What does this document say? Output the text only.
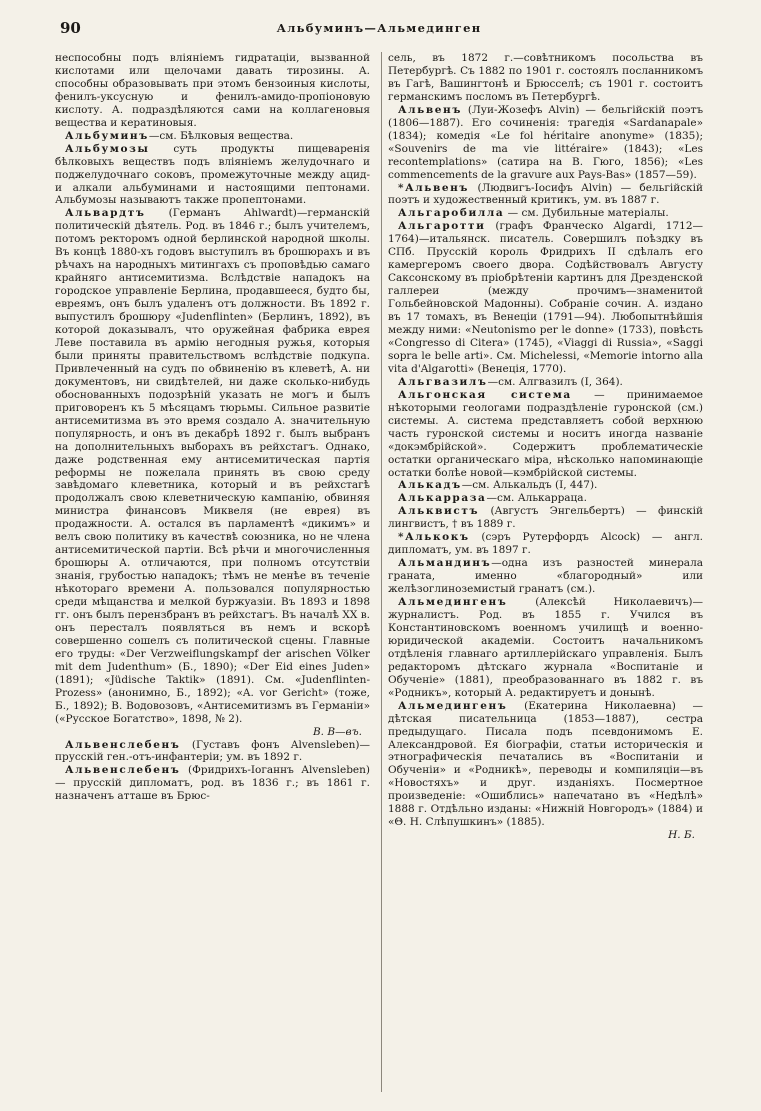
90	Альбуминъ—Альмединген

неспособны подъ вліяніемъ гидратаціи, вызванной кислотами или щелочами давать тирозины. А. способны образовывать при этомъ бензоиныя кислоты, фенилъ-уксусную и фенилъ-амидо-пропіоновую кислоту. А. подраздѣляются сами на коллагеновыя вещества и кератиновыя.

Альбуминъ—см. Бѣлковыя вещества.

Альбумозы суть продукты пищеваренія бѣлковыхъ веществъ подъ вліяніемъ желудочнаго и поджелудочнаго соковъ, промежуточные между ацид- и алкали альбуминами и настоящими пептонами. Альбумозы называютъ также пропептонами.

Альвардтъ (Германъ Ahlwardt)—германскій политическій дѣятель. Род. въ 1846 г.; былъ учителемъ, потомъ ректоромъ одной берлинской народной школы. Въ концѣ 1880-хъ годовъ выступилъ въ брошюрахъ и въ рѣчахъ на народныхъ митингахъ съ проповѣдью самаго крайняго антисемитизма. Вслѣдствіе нападокъ на городское управленіе Берлина, продавшееся, будто бы, евреямъ, онъ былъ удаленъ отъ должности. Въ 1892 г. выпустилъ брошюру «Judenflinten» (Берлинъ, 1892), въ которой доказывалъ, что оружейная фабрика еврея Леве поставила въ армію негодныя ружья, которыя были приняты правительствомъ вслѣдствіе подкупа. Привлеченный на судъ по обвиненію въ клеветѣ, А. ни документовъ, ни свидѣтелей, ни даже сколько-нибудь обоснованныхъ подозрѣній указать не могъ и былъ приговоренъ къ 5 мѣсяцамъ тюрьмы. Сильное развитіе антисемитизма въ это время создало А. значительную популярность, и онъ въ декабрѣ 1892 г. былъ выбранъ на дополнительныхъ выборахъ въ рейхстагъ. Однако, даже родственная ему антисемитическая партія реформы не пожелала принять въ свою среду завѣдомаго клеветника, который и въ рейхстагѣ продолжалъ свою клеветническую кампанію, обвиняя министра финансовъ Миквеля (не еврея) въ продажности. А. остался въ парламентѣ «дикимъ» и велъ свою политику въ качествѣ союзника, но не члена антисемитической партіи. Всѣ рѣчи и многочисленныя брошюры А. отличаются, при полномъ отсутствіи знанія, грубостью нападокъ; тѣмъ не менѣе въ теченіе нѣкотораго времени А. пользовался популярностью среди мѣщанства и мелкой буржуазіи. Въ 1893 и 1898 гг. онъ былъ перензбранъ въ рейхстагъ. Въ началѣ XX в. онъ пересталъ появляться въ немъ и вскорѣ совершенно сошелъ съ политической сцены. Главные его труды: «Der Verzweiflungskampf der arischen Völker mit dem Judenthum» (Б., 1890); «Der Eid eines Juden» (1891); «Jüdische Taktik» (1891). См. «Judenflinten-Prozess» (анонимно, Б., 1892); «A. vor Gericht» (тоже, Б., 1892); В. Водовозовъ, «Антисемитизмъ въ Германіи» («Русское Богатство», 1898, № 2).

В. В—въ.

Альвенслебенъ (Густавъ фонъ Alvensleben)—прусскій ген.-отъ-инфантеріи; ум. въ 1892 г.

Альвенслебенъ (Фридрихъ-Іоганнъ Alvensleben) — прусскій дипломатъ, род. въ 1836 г.; въ 1861 г. назначенъ атташе въ Брюс-

сель, въ 1872 г.—совѣтникомъ посольства въ Петербургѣ. Съ 1882 по 1901 г. состоялъ посланникомъ въ Гагѣ, Вашингтонѣ и Брюсселѣ; съ 1901 г. состоитъ германскимъ посломъ въ Петербургѣ.

Альвенъ (Луи-Жозефъ Alvin) — бельгійскій поэтъ (1806—1887). Его сочиненія: трагедія «Sardanapale» (1834); комедія «Le fol héritaire anonyme» (1835); «Souvenirs de ma vie littéraire» (1843); «Les recontemplations» (сатира на В. Гюго, 1856); «Les commencements de la gravure aux Pays-Bas» (1857—59).

*Альвенъ (Людвигъ-Іосифъ Alvin) — бельгійскій поэтъ и художественный критикъ, ум. въ 1887 г.

Альгаробилла — см. Дубильные матеріалы.

Альгаротти (графъ Франческо Algardi, 1712—1764)—итальянск. писатель. Совершилъ поѣздку въ СПб. Прусскій король Фридрихъ II сдѣлалъ его камергеромъ своего двора. Содѣйствовалъ Августу Саксонскому въ пріобрѣтеніи картинъ для Дрезденской галлереи (между прочимъ—знаменитой Гольбейновской Мадонны). Собраніе сочин. А. издано въ 17 томахъ, въ Венеціи (1791—94). Любопытнѣйшія между ними: «Neutonismo per le donne» (1733), повѣсть «Congresso di Citera» (1745), «Viaggi di Russia», «Saggi sopra le belle arti». См. Michelessi, «Memorie intorno alla vita d'Algarotti» (Венеція, 1770).

Альгвазилъ—см. Алгвазилъ (I, 364).

Альгонская система — принимаемое нѣкоторыми геологами подраздѣленіе гуронской (см.) системы. А. система представляетъ собой верхнюю часть гуронской системы и носитъ иногда названіе «докэмбрійской». Содержитъ проблематическіе остатки органическаго міра, нѣсколько напоминающіе остатки болѣе новой—кэмбрійской системы.

Алькадъ—см. Алькальдъ (I, 447).

Алькарраза—см. Алькарраца.

Альквистъ (Августъ Энгельбертъ) — финскій лингвистъ, † въ 1889 г.

*Алькокъ (сэръ Рутерфордъ Alcock) — англ. дипломатъ, ум. въ 1897 г.

Альмандинъ—одна изъ разностей минерала граната, именно «благородный» или желѣзоглиноземистый гранатъ (см.).

Альмедингенъ (Алексѣй Николаевичъ)—журналистъ. Род. въ 1855 г. Учился въ Константиновскомъ военномъ училищѣ и военно-юридической академіи. Состоитъ начальникомъ отдѣленія главнаго артиллерійскаго управленія. Былъ редакторомъ дѣтскаго журнала «Воспитаніе и Обученіе» (1881), преобразованнаго въ 1882 г. въ «Родникъ», который А. редактируетъ и донынѣ.

Альмедингенъ (Екатерина Николаевна) — дѣтская писательница (1853—1887), сестра предыдущаго. Писала подъ псевдонимомъ Е. Александровой. Ея біографіи, статьи историческія и этнографическія печатались въ «Воспитаніи и Обученіи» и «Родникѣ», переводы и компиляціи—въ «Новостяхъ» и друг. изданіяхъ. Посмертное произведеніе: «Ошиблись» напечатано въ «Недѣлѣ» 1888 г. Отдѣльно изданы: «Нижній Новгородъ» (1884) и «Θ. Н. Слѣпушкинъ» (1885).

Н. Б.
